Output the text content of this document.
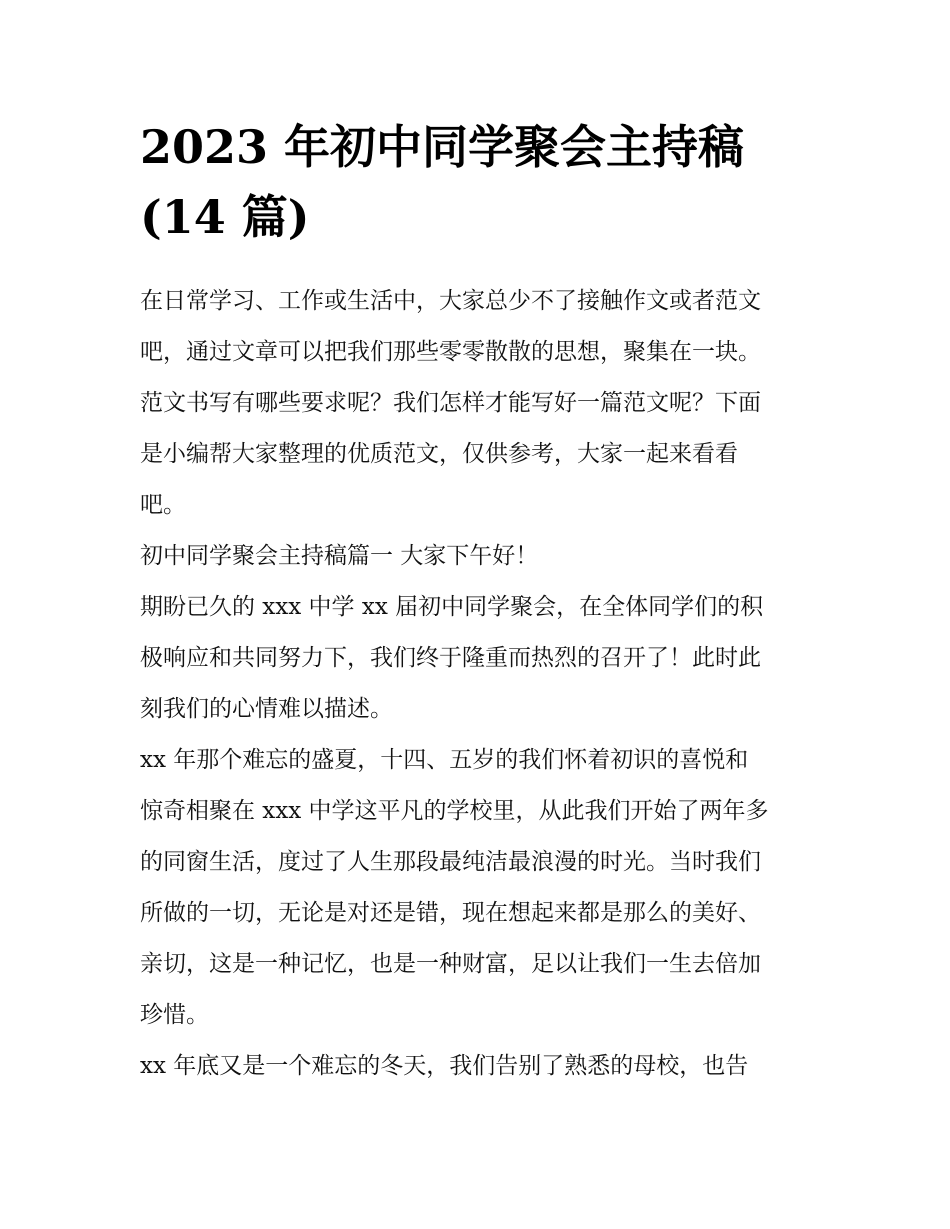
2023 年初中同学聚会主持稿
(14 篇)
在日常学习、工作或生活中，大家总少不了接触作文或者范文
吧，通过文章可以把我们那些零零散散的思想，聚集在一块。
范文书写有哪些要求呢？我们怎样才能写好一篇范文呢？下面
是小编帮大家整理的优质范文，仅供参考，大家一起来看看
吧。
初中同学聚会主持稿篇一 大家下午好！
期盼已久的 xxx 中学 xx 届初中同学聚会，在全体同学们的积
极响应和共同努力下，我们终于隆重而热烈的召开了！此时此
刻我们的心情难以描述。
xx 年那个难忘的盛夏，十四、五岁的我们怀着初识的喜悦和
惊奇相聚在 xxx 中学这平凡的学校里，从此我们开始了两年多
的同窗生活，度过了人生那段最纯洁最浪漫的时光。当时我们
所做的一切，无论是对还是错，现在想起来都是那么的美好、
亲切，这是一种记忆，也是一种财富，足以让我们一生去倍加
珍惜。
xx 年底又是一个难忘的冬天，我们告别了熟悉的母校，也告
